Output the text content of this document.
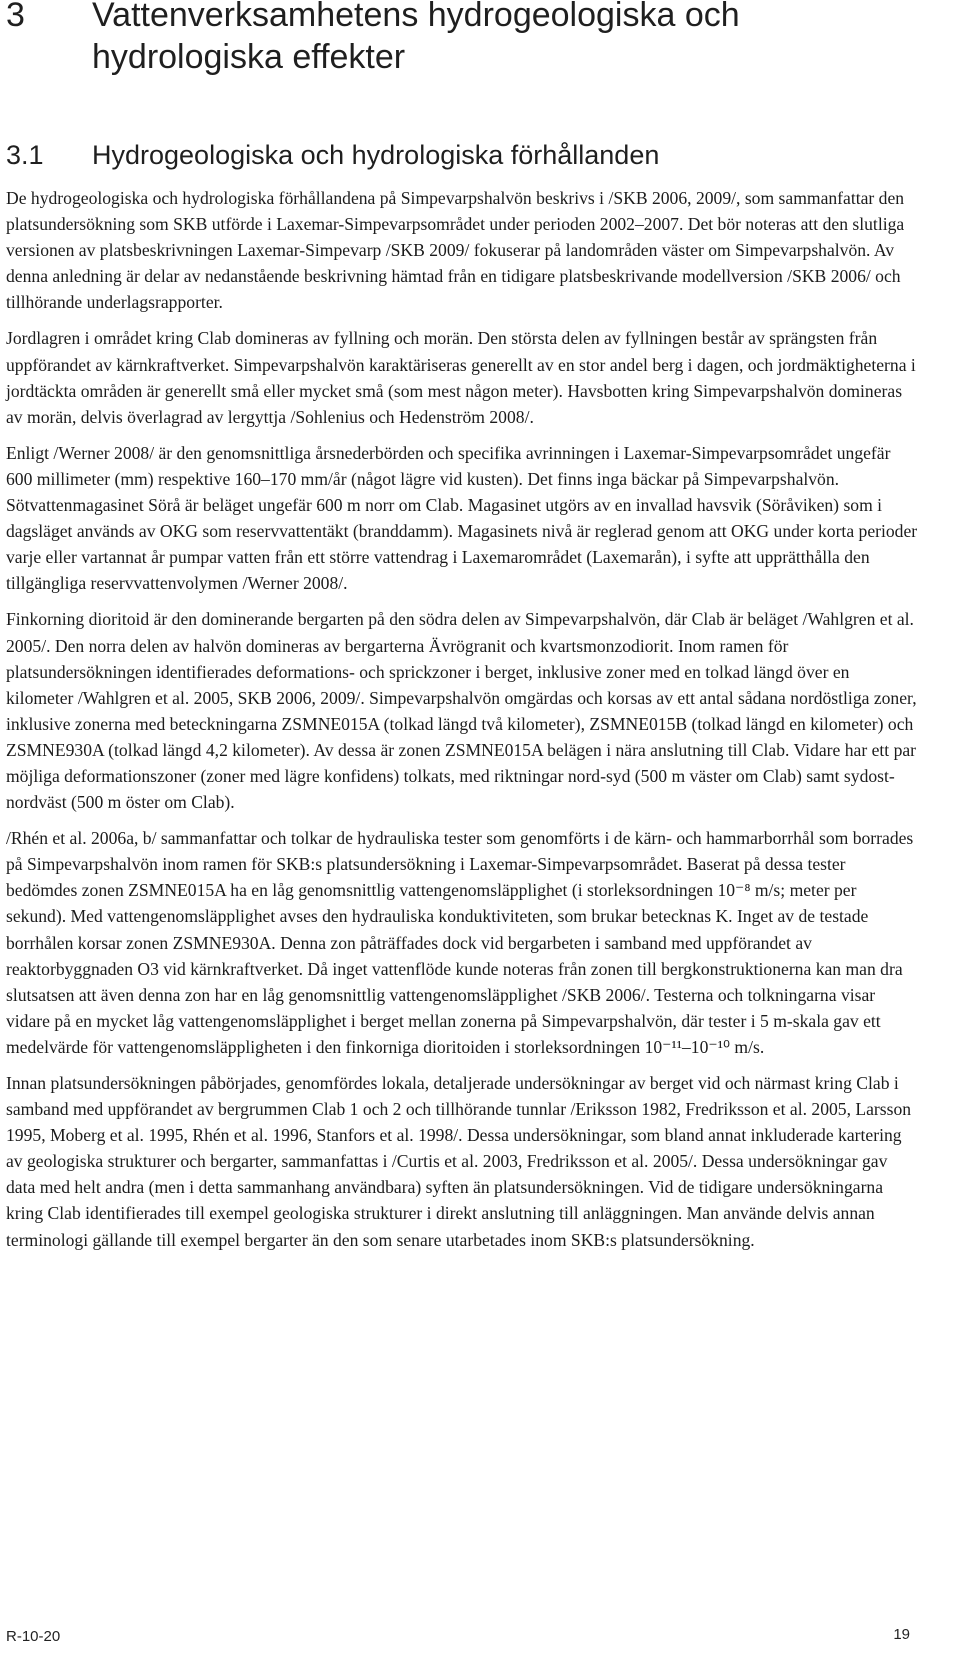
3 Vattenverksamhetens hydrogeologiska och hydrologiska effekter
3.1 Hydrogeologiska och hydrologiska förhållanden

De hydrogeologiska och hydrologiska förhållandena på Simpevarpshalvön beskrivs i /SKB 2006, 2009/, som sammanfattar den platsundersökning som SKB utförde i Laxemar-Simpevarpsområdet under perioden 2002–2007. Det bör noteras att den slutliga versionen av platsbeskrivningen Laxemar-Simpevarp /SKB 2009/ fokuserar på landområden väster om Simpevarpshalvön. Av denna anledning är delar av nedanstående beskrivning hämtad från en tidigare platsbeskrivande modellversion /SKB 2006/ och tillhörande underlagsrapporter.

Jordlagren i området kring Clab domineras av fyllning och morän. Den största delen av fyllningen består av sprängsten från uppförandet av kärnkraftverket. Simpevarpshalvön karaktäriseras generellt av en stor andel berg i dagen, och jordmäktigheterna i jordtäckta områden är generellt små eller mycket små (som mest någon meter). Havsbotten kring Simpevarpshalvön domineras av morän, delvis överlagrad av lergyttja /Sohlenius och Hedenström 2008/.

Enligt /Werner 2008/ är den genomsnittliga årsnederbörden och specifika avrinningen i Laxemar-Simpevarpsområdet ungefär 600 millimeter (mm) respektive 160–170 mm/år (något lägre vid kusten). Det finns inga bäckar på Simpevarpshalvön. Sötvattenmagasinet Sörå är beläget ungefär 600 m norr om Clab. Magasinet utgörs av en invallad havsvik (Söråviken) som i dagsläget används av OKG som reservvattentäkt (branddamm). Magasinets nivå är reglerad genom att OKG under korta perioder varje eller vartannat år pumpar vatten från ett större vattendrag i Laxemarområdet (Laxemarån), i syfte att upprätthålla den tillgängliga reservvattenvolymen /Werner 2008/.

Finkorning dioritoid är den dominerande bergarten på den södra delen av Simpevarpshalvön, där Clab är beläget /Wahlgren et al. 2005/. Den norra delen av halvön domineras av bergarterna Ävrögranit och kvartsmonzodiorit. Inom ramen för platsundersökningen identifierades deformations- och sprickzoner i berget, inklusive zoner med en tolkad längd över en kilometer /Wahlgren et al. 2005, SKB 2006, 2009/. Simpevarpshalvön omgärdas och korsas av ett antal sådana nordöstliga zoner, inklusive zonerna med beteckningarna ZSMNE015A (tolkad längd två kilometer), ZSMNE015B (tolkad längd en kilometer) och ZSMNE930A (tolkad längd 4,2 kilometer). Av dessa är zonen ZSMNE015A belägen i nära anslutning till Clab. Vidare har ett par möjliga deformationszoner (zoner med lägre konfidens) tolkats, med riktningar nord-syd (500 m väster om Clab) samt sydost-nordväst (500 m öster om Clab).

/Rhén et al. 2006a, b/ sammanfattar och tolkar de hydrauliska tester som genomförts i de kärn- och hammarborrhål som borrades på Simpevarpshalvön inom ramen för SKB:s platsundersökning i Laxemar-Simpevarpsområdet. Baserat på dessa tester bedömdes zonen ZSMNE015A ha en låg genomsnittlig vattengenomsläpplighet (i storleksordningen 10⁻⁸ m/s; meter per sekund). Med vattengenomsläpplighet avses den hydrauliska konduktiviteten, som brukar betecknas K. Inget av de testade borrhålen korsar zonen ZSMNE930A. Denna zon påträffades dock vid bergarbeten i samband med uppförandet av reaktorbyggnaden O3 vid kärnkraftverket. Då inget vattenflöde kunde noteras från zonen till bergkonstruktionerna kan man dra slutsatsen att även denna zon har en låg genomsnittlig vattengenomsläpplighet /SKB 2006/. Testerna och tolkningarna visar vidare på en mycket låg vattengenomsläpplighet i berget mellan zonerna på Simpevarpshalvön, där tester i 5 m-skala gav ett medelvärde för vattengenomsläppligheten i den finkorniga dioritoiden i storleksordningen 10⁻¹¹–10⁻¹⁰ m/s.

Innan platsundersökningen påbörjades, genomfördes lokala, detaljerade undersökningar av berget vid och närmast kring Clab i samband med uppförandet av bergrummen Clab 1 och 2 och tillhörande tunnlar /Eriksson 1982, Fredriksson et al. 2005, Larsson 1995, Moberg et al. 1995, Rhén et al. 1996, Stanfors et al. 1998/. Dessa undersökningar, som bland annat inkluderade kartering av geologiska strukturer och bergarter, sammanfattas i /Curtis et al. 2003, Fredriksson et al. 2005/. Dessa undersökningar gav data med helt andra (men i detta sammanhang användbara) syften än platsundersökningen. Vid de tidigare undersökningarna kring Clab identifierades till exempel geologiska strukturer i direkt anslutning till anläggningen. Man använde delvis annan terminologi gällande till exempel bergarter än den som senare utarbetades inom SKB:s platsundersökning.

R-10-20	19
